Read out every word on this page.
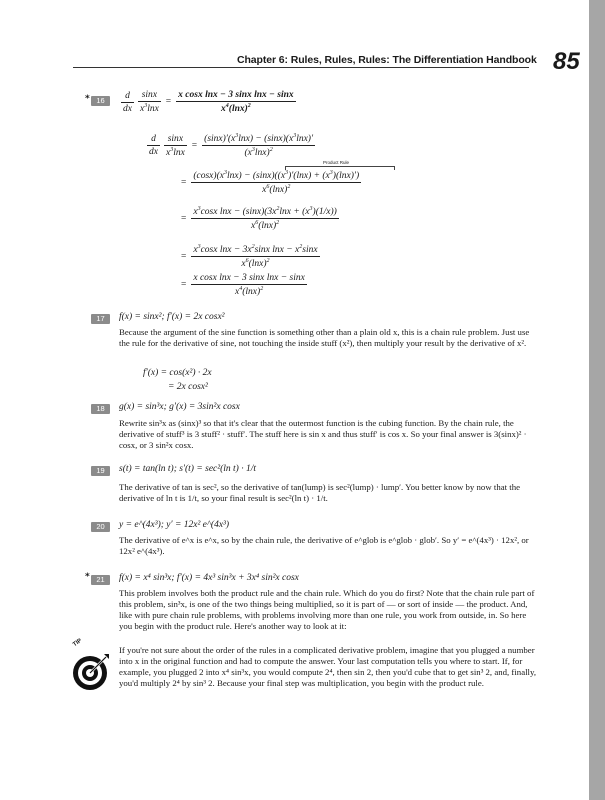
Chapter 6: Rules, Rules, Rules: The Differentiation Handbook 85
* 16	$\frac{d}{dx} \frac{\sin x}{x^3\ln x} = \frac{\text{x cosx lnx − 3 sinx lnx − sinx}}{x^4(\ln x)^2}$
$\frac{d}{dx} \frac{\sin x}{x^3\ln x} = \frac{(\sin x)'(x^3\ln x) - (\sin x)(x^3\ln x)'}{(x^3\ln x)^2}$
Product Rule
= $\frac{(\cos x)(x^3\ln x) - (\sin x)((x^3)'(\ln x) + (x^3)(\ln x)')}{x^6(\ln x)^2}$
= $\frac{x^3\cos x \ln x - (\sin x)(3x^2\ln x + (x^3)(1/x))}{x^6(\ln x)^2}$
= $\frac{x^3\cos x \ln x - 3x^2\sin x \ln x - x^2\sin x}{x^6(\ln x)^2}$
= $\frac{\text{x cosx lnx − 3 sinx lnx − sinx}}{x^4(\ln x)^2}$
17	f(x) = sinx²; f′(x) = 2x cosx²
Because the argument of the sine function is something other than a plain old x, this is a chain rule problem. Just use the rule for the derivative of sine, not touching the inside stuff (x²), then multiply your result by the derivative of x².
f′(x) = cos(x²) · 2x
= 2x cosx²
18	g(x) = sin³x; g′(x) = 3sin²x cosx
Rewrite sin³x as (sinx)³ so that it's clear that the outermost function is the cubing function. By the chain rule, the derivative of stuff³ is 3 stuff² · stuff′. The stuff here is sin x and thus stuff′ is cos x. So your final answer is 3(sinx)² · cosx, or 3 sin²x cosx.
19	s(t) = tan(ln t); s′(t) = sec²(ln t) · 1/t
The derivative of tan is sec², so the derivative of tan(lump) is sec²(lump) · lump′. You better know by now that the derivative of ln t is 1/t, so your final result is sec²(ln t) · 1/t.
20	y = e^(4x³); y′ = 12x² e^(4x³)
The derivative of e^x is e^x, so by the chain rule, the derivative of e^glob is e^glob · glob′. So y′ = e^(4x³) · 12x², or 12x² e^(4x³).
* 21	f(x) = x⁴ sin³x; f′(x) = 4x³ sin³x + 3x⁴ sin²x cosx
This problem involves both the product rule and the chain rule. Which do you do first? Note that the chain rule part of this problem, sin³x, is one of the two things being multiplied, so it is part of — or sort of inside — the product. And, like with pure chain rule problems, with problems involving more than one rule, you work from outside, in. So here you begin with the product rule. Here's another way to look at it:
TIP
If you're not sure about the order of the rules in a complicated derivative problem, imagine that you plugged a number into x in the original function and had to compute the answer. Your last computation tells you where to start. If, for example, you plugged 2 into x⁴ sin³x, you would compute 2⁴, then sin 2, then you'd cube that to get sin³ 2, and, finally, you'd multiply 2⁴ by sin³ 2. Because your final step was multiplication, you begin with the product rule.
